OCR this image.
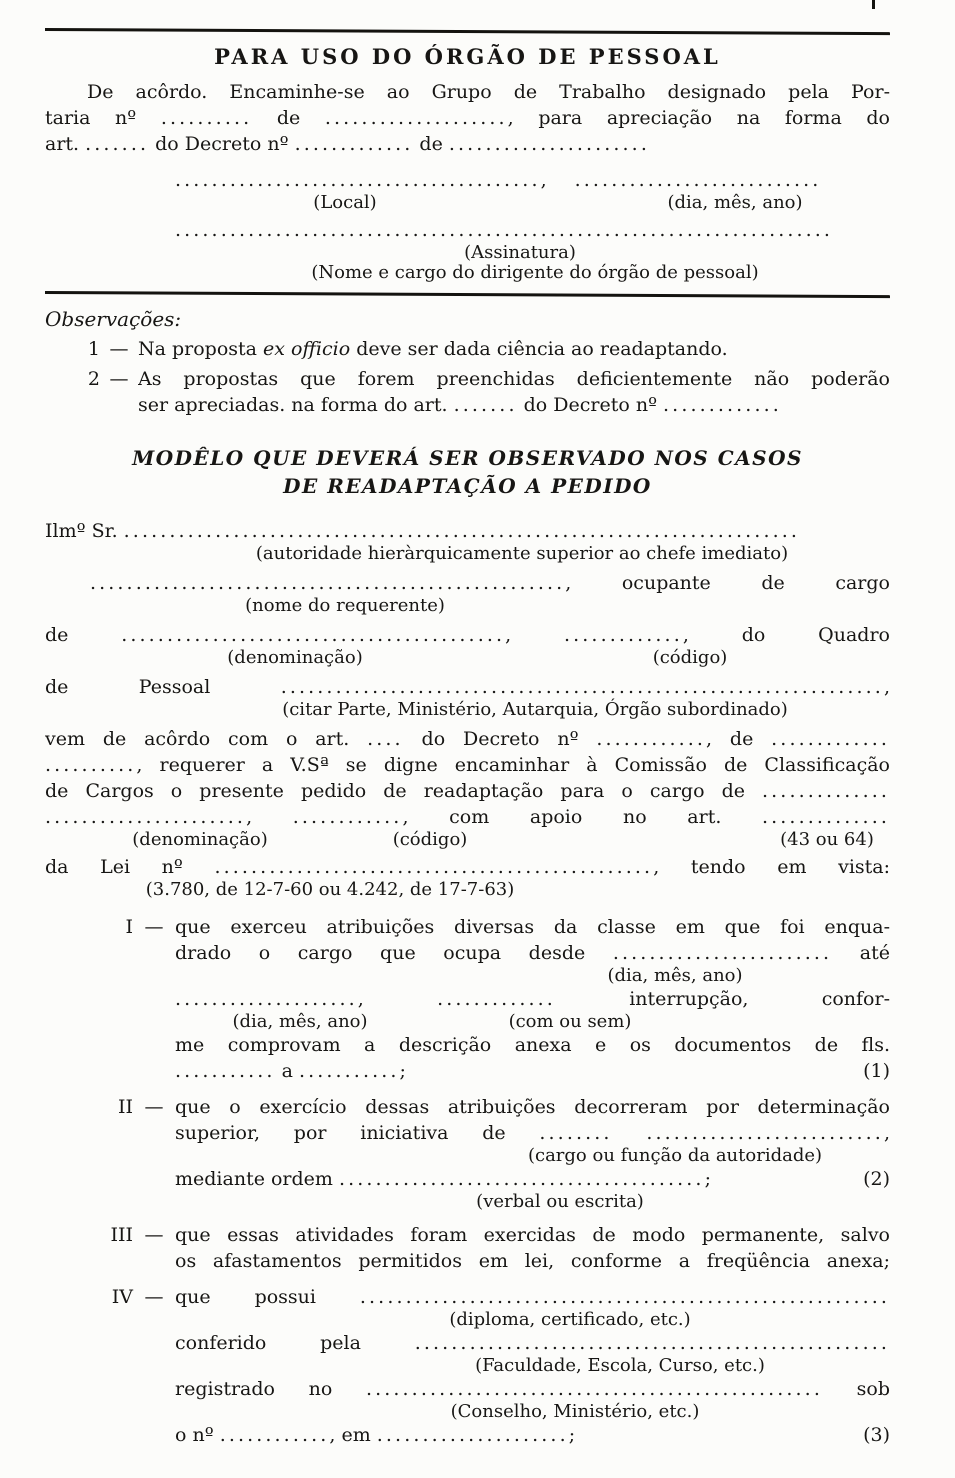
PARA USO DO ÓRGÃO DE PESSOAL
De acôrdo. Encaminhe-se ao Grupo de Trabalho designado pela Por-
taria nº .......... de ...................., para apreciação na forma do
art. ....... do Decreto nº ............. de ......................
........................................, ...........................
(Local)	(dia, mês, ano)
........................................................................
(Assinatura)
(Nome e cargo do dirigente do órgão de pessoal)
Observações:
1 — Na proposta ex officio deve ser dada ciência ao readaptando.
2 — As propostas que forem preenchidas deficientemente não poderão
ser apreciadas. na forma do art. ....... do Decreto nº .............
MODÊLO QUE DEVERÁ SER OBSERVADO NOS CASOS
DE READAPTAÇÃO A PEDIDO
Ilmº Sr. ..........................................................................
(autoridade hieràrquicamente superior ao chefe imediato)
...................................................., ocupante de cargo
(nome do requerente)
de .........................................., ............., do Quadro
(denominação)	(código)
de Pessoal ..................................................................,
(citar Parte, Ministério, Autarquia, Órgão subordinado)
vem de acôrdo com o art. .... do Decreto nº ............, de .............
.........., requerer a V.Sª se digne encaminhar à Comissão de Classificação
de Cargos o presente pedido de readaptação para o cargo de ..............
......................, ............, com apoio no art. ..............
(denominação)	(código)	(43 ou 64)
da Lei nº ................................................, tendo em vista:
(3.780, de 12-7-60 ou 4.242, de 17-7-63)
I — que exerceu atribuições diversas da classe em que foi enqua-
drado o cargo que ocupa desde ........................ até
(dia, mês, ano)
...................., ............. interrupção, confor-
(dia, mês, ano)	(com ou sem)
me comprovam a descrição anexa e os documentos de fls.
........... a ...........;	(1)
II — que o exercício dessas atribuições decorreram por determinação
superior, por iniciativa de ........ ..........................,
(cargo ou função da autoridade)
mediante ordem ........................................;	(2)
(verbal ou escrita)
III — que essas atividades foram exercidas de modo permanente, salvo
os afastamentos permitidos em lei, conforme a freqüência anexa;
IV — que possui ..........................................................
(diploma, certificado, etc.)
conferido pela ....................................................
(Faculdade, Escola, Curso, etc.)
registrado no .................................................. sob
(Conselho, Ministério, etc.)
o nº ............, em .....................;	(3)
